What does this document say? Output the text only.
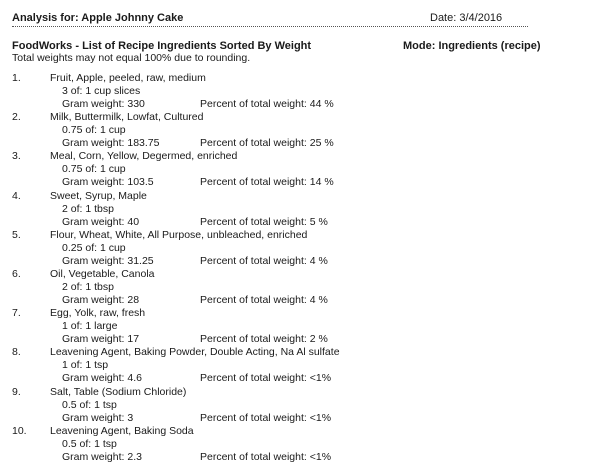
Analysis for: Apple Johnny Cake	Date: 3/4/2016
FoodWorks - List of Recipe Ingredients Sorted By Weight	Mode: Ingredients (recipe)
Total weights may not equal 100% due to rounding.
1.	Fruit, Apple, peeled, raw, medium
3 of: 1 cup slices
Gram weight: 330	Percent of total weight: 44 %
2.	Milk, Buttermilk, Lowfat, Cultured
0.75 of: 1 cup
Gram weight: 183.75	Percent of total weight: 25 %
3.	Meal, Corn, Yellow, Degermed, enriched
0.75 of: 1 cup
Gram weight: 103.5	Percent of total weight: 14 %
4.	Sweet, Syrup, Maple
2 of: 1 tbsp
Gram weight: 40	Percent of total weight: 5 %
5.	Flour, Wheat, White, All Purpose, unbleached, enriched
0.25 of: 1 cup
Gram weight: 31.25	Percent of total weight: 4 %
6.	Oil, Vegetable, Canola
2 of: 1 tbsp
Gram weight: 28	Percent of total weight: 4 %
7.	Egg, Yolk, raw, fresh
1 of: 1 large
Gram weight: 17	Percent of total weight: 2 %
8.	Leavening Agent, Baking Powder, Double Acting, Na Al sulfate
1 of: 1 tsp
Gram weight: 4.6	Percent of total weight: <1%
9.	Salt, Table (Sodium Chloride)
0.5 of: 1 tsp
Gram weight: 3	Percent of total weight: <1%
10. Leavening Agent, Baking Soda
0.5 of: 1 tsp
Gram weight: 2.3	Percent of total weight: <1%
